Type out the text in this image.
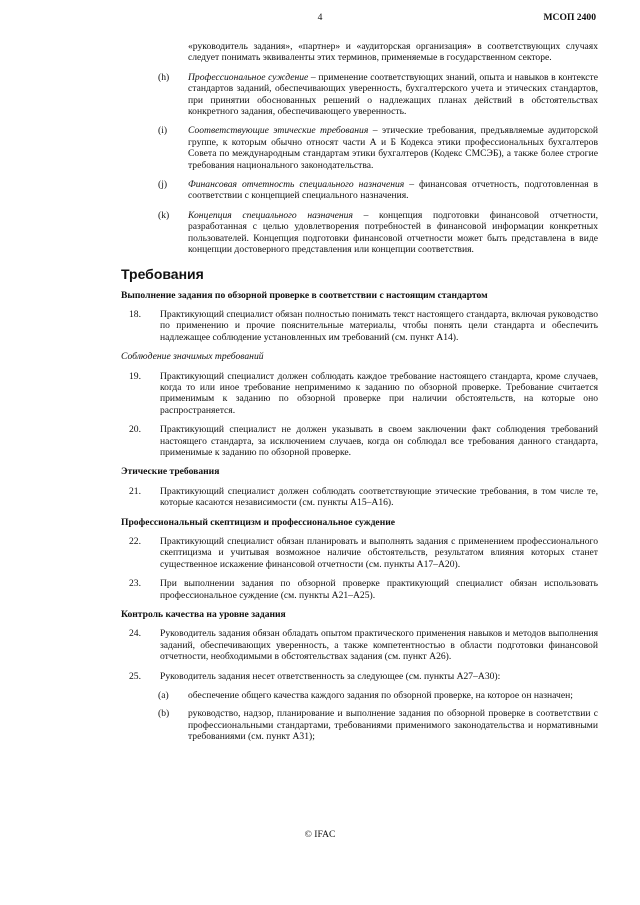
4	МСОП 2400

«руководитель задания», «партнер» и «аудиторская организация» в соответствующих случаях следует понимать эквиваленты этих терминов, применяемые в государственном секторе.

(h) Профессиональное суждение – применение соответствующих знаний, опыта и навыков в контексте стандартов заданий, обеспечивающих уверенность, бухгалтерского учета и этических стандартов, при принятии обоснованных решений о надлежащих планах действий в обстоятельствах конкретного задания, обеспечивающего уверенность.

(i) Соответствующие этические требования – этические требования, предъявляемые аудиторской группе, к которым обычно относят части А и Б Кодекса этики профессиональных бухгалтеров Совета по международным стандартам этики бухгалтеров (Кодекс СМСЭБ), а также более строгие требования национального законодательства.

(j) Финансовая отчетность специального назначения – финансовая отчетность, подготовленная в соответствии с концепцией специального назначения.

(k) Концепция специального назначения – концепция подготовки финансовой отчетности, разработанная с целью удовлетворения потребностей в финансовой информации конкретных пользователей. Концепция подготовки финансовой отчетности может быть представлена в виде концепции достоверного представления или концепции соответствия.

Требования
Выполнение задания по обзорной проверке в соответствии с настоящим стандартом
18. Практикующий специалист обязан полностью понимать текст настоящего стандарта, включая руководство по применению и прочие пояснительные материалы, чтобы понять цели стандарта и обеспечить надлежащее соблюдение установленных им требований (см. пункт А14).

Соблюдение значимых требований
19. Практикующий специалист должен соблюдать каждое требование настоящего стандарта, кроме случаев, когда то или иное требование неприменимо к заданию по обзорной проверке. Требование считается применимым к заданию по обзорной проверке при наличии обстоятельств, на которые оно распространяется.

20. Практикующий специалист не должен указывать в своем заключении факт соблюдения требований настоящего стандарта, за исключением случаев, когда он соблюдал все требования данного стандарта, применимые к заданию по обзорной проверке.

Этические требования
21. Практикующий специалист должен соблюдать соответствующие этические требования, в том числе те, которые касаются независимости (см. пункты А15–А16).

Профессиональный скептицизм и профессиональное суждение
22. Практикующий специалист обязан планировать и выполнять задания с применением профессионального скептицизма и учитывая возможное наличие обстоятельств, результатом влияния которых станет существенное искажение финансовой отчетности (см. пункты А17–А20).

23. При выполнении задания по обзорной проверке практикующий специалист обязан использовать профессиональное суждение (см. пункты А21–А25).

Контроль качества на уровне задания
24. Руководитель задания обязан обладать опытом практического применения навыков и методов выполнения заданий, обеспечивающих уверенность, а также компетентностью в области подготовки финансовой отчетности, необходимыми в обстоятельствах задания (см. пункт А26).

25. Руководитель задания несет ответственность за следующее (см. пункты А27–А30):

(a) обеспечение общего качества каждого задания по обзорной проверке, на которое он назначен;

(b) руководство, надзор, планирование и выполнение задания по обзорной проверке в соответствии с профессиональными стандартами, требованиями применимого законодательства и нормативными требованиями (см. пункт А31);

© IFAC
